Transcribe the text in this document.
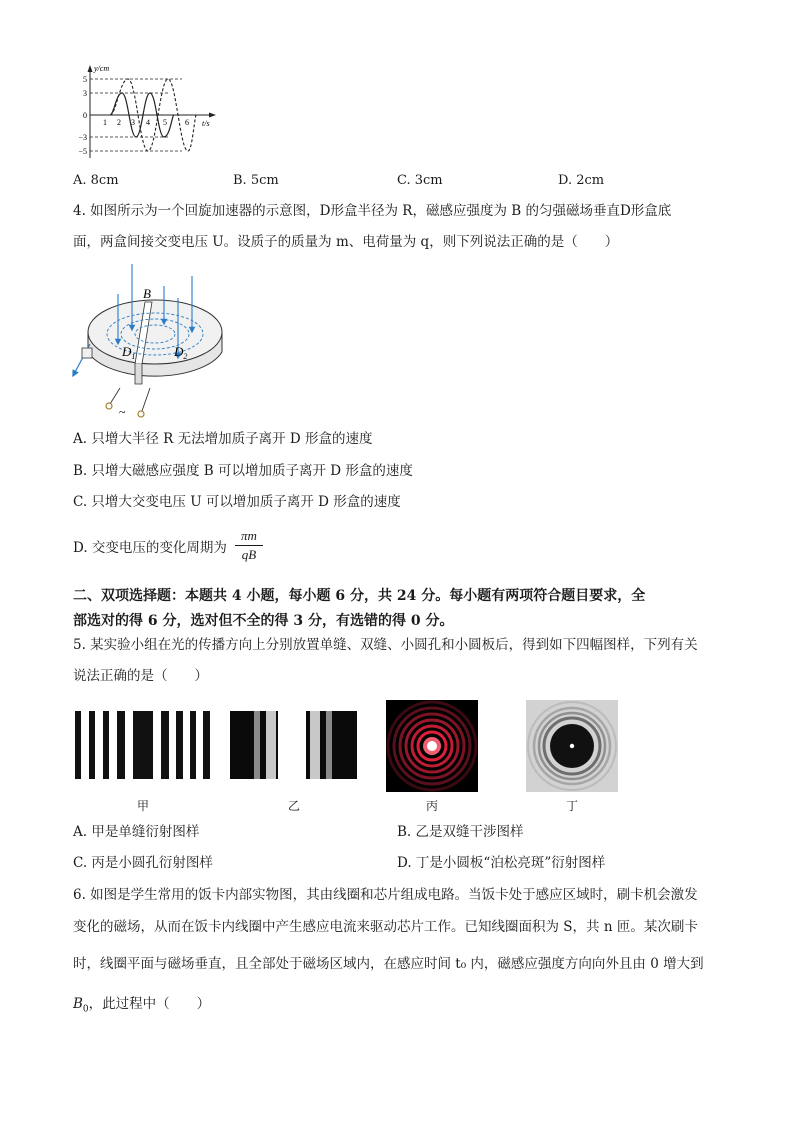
y/cm
t/s
5
3
0
−3
−5
1 2 3 4 5 6
A. 8cm	B. 5cm	C. 3cm	D. 2cm
4. 如图所示为一个回旋加速器的示意图，D形盒半径为 R，磁感应强度为 B 的匀强磁场垂直D形盒底
面，两盒间接交变电压 U。设质子的质量为 m、电荷量为 q，则下列说法正确的是（　　）
B
$D_1$	$D_2$
~
A. 只增大半径 R 无法增加质子离开 D 形盒的速度
B. 只增大磁感应强度 B 可以增加质子离开 D 形盒的速度
C. 只增大交变电压 U 可以增加质子离开 D 形盒的速度
D. 交变电压的变化周期为
πm
qB
二、双项选择题：本题共 4 小题，每小题 6 分，共 24 分。每小题有两项符合题目要求，全
部选对的得 6 分，选对但不全的得 3 分，有选错的得 0 分。
5. 某实验小组在光的传播方向上分别放置单缝、双缝、小圆孔和小圆板后，得到如下四幅图样，下列有关
说法正确的是（　　）
甲	乙	丙	丁
A. 甲是单缝衍射图样	B. 乙是双缝干涉图样
C. 丙是小圆孔衍射图样	D. 丁是小圆板“泊松亮斑”衍射图样
6. 如图是学生常用的饭卡内部实物图，其由线圈和芯片组成电路。当饭卡处于感应区域时，刷卡机会激发
变化的磁场，从而在饭卡内线圈中产生感应电流来驱动芯片工作。已知线圈面积为 S，共 n 匝。某次刷卡
时，线圈平面与磁场垂直，且全部处于磁场区域内，在感应时间 t₀ 内，磁感应强度方向向外且由 0 增大到
$B_0$，此过程中（　　）
